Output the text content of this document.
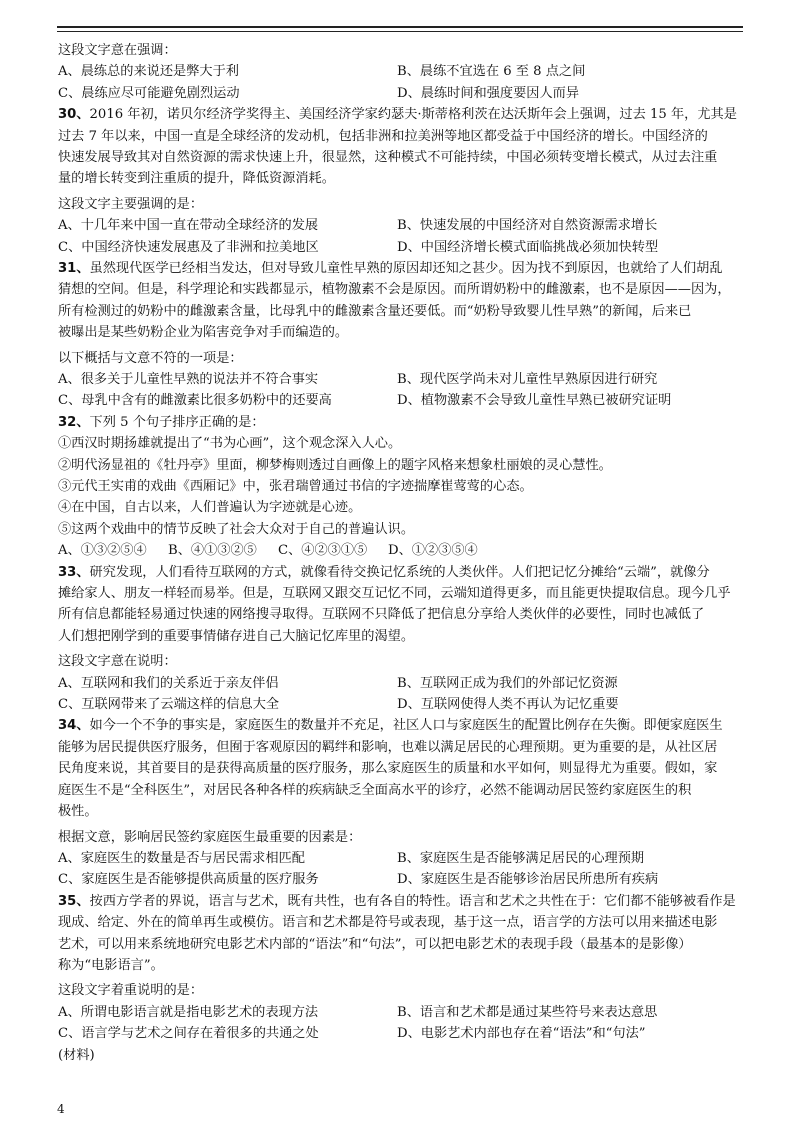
这段文字意在强调：
A、晨练总的来说还是弊大于利	B、晨练不宜选在 6 至 8 点之间
C、晨练应尽可能避免剧烈运动	D、晨练时间和强度要因人而异
30、2016 年初，诺贝尔经济学奖得主、美国经济学家约瑟夫·斯蒂格利茨在达沃斯年会上强调，过去 15 年，尤其是
过去 7 年以来，中国一直是全球经济的发动机，包括非洲和拉美洲等地区都受益于中国经济的增长。中国经济的
快速发展导致其对自然资源的需求快速上升，很显然，这种模式不可能持续，中国必须转变增长模式，从过去注重
量的增长转变到注重质的提升，降低资源消耗。
这段文字主要强调的是：
A、十几年来中国一直在带动全球经济的发展	B、快速发展的中国经济对自然资源需求增长
C、中国经济快速发展惠及了非洲和拉美地区	D、中国经济增长模式面临挑战必须加快转型
31、虽然现代医学已经相当发达，但对导致儿童性早熟的原因却还知之甚少。因为找不到原因，也就给了人们胡乱
猜想的空间。但是，科学理论和实践都显示，植物激素不会是原因。而所谓奶粉中的雌激素，也不是原因——因为，
所有检测过的奶粉中的雌激素含量，比母乳中的雌激素含量还要低。而“奶粉导致婴儿性早熟”的新闻，后来已
被曝出是某些奶粉企业为陷害竞争对手而编造的。
以下概括与文意不符的一项是：
A、很多关于儿童性早熟的说法并不符合事实	B、现代医学尚未对儿童性早熟原因进行研究
C、母乳中含有的雌激素比很多奶粉中的还要高	D、植物激素不会导致儿童性早熟已被研究证明
32、下列 5 个句子排序正确的是：
①西汉时期扬雄就提出了“书为心画”，这个观念深入人心。
②明代汤显祖的《牡丹亭》里面，柳梦梅则透过自画像上的题字风格来想象杜丽娘的灵心慧性。
③元代王实甫的戏曲《西厢记》中，张君瑞曾通过书信的字迹揣摩崔莺莺的心态。
④在中国，自古以来，人们普遍认为字迹就是心迹。
⑤这两个戏曲中的情节反映了社会大众对于自己的普遍认识。
A、①③②⑤④ B、④①③②⑤ C、④②③①⑤ D、①②③⑤④
33、研究发现，人们看待互联网的方式，就像看待交换记忆系统的人类伙伴。人们把记忆分摊给“云端”，就像分
摊给家人、朋友一样轻而易举。但是，互联网又跟交互记忆不同，云端知道得更多，而且能更快提取信息。现今几乎
所有信息都能轻易通过快速的网络搜寻取得。互联网不只降低了把信息分享给人类伙伴的必要性，同时也减低了
人们想把刚学到的重要事情储存进自己大脑记忆库里的渴望。
这段文字意在说明：
A、互联网和我们的关系近于亲友伴侣	B、互联网正成为我们的外部记忆资源
C、互联网带来了云端这样的信息大全	D、互联网使得人类不再认为记忆重要
34、如今一个不争的事实是，家庭医生的数量并不充足，社区人口与家庭医生的配置比例存在失衡。即便家庭医生
能够为居民提供医疗服务，但囿于客观原因的羁绊和影响，也难以满足居民的心理预期。更为重要的是，从社区居
民角度来说，其首要目的是获得高质量的医疗服务，那么家庭医生的质量和水平如何，则显得尤为重要。假如，家
庭医生不是“全科医生”，对居民各种各样的疾病缺乏全面高水平的诊疗，必然不能调动居民签约家庭医生的积
极性。
根据文意，影响居民签约家庭医生最重要的因素是：
A、家庭医生的数量是否与居民需求相匹配	B、家庭医生是否能够满足居民的心理预期
C、家庭医生是否能够提供高质量的医疗服务	D、家庭医生是否能够诊治居民所患所有疾病
35、按西方学者的界说，语言与艺术，既有共性，也有各自的特性。语言和艺术之共性在于：它们都不能够被看作是
现成、给定、外在的简单再生或模仿。语言和艺术都是符号或表现，基于这一点，语言学的方法可以用来描述电影
艺术，可以用来系统地研究电影艺术内部的“语法”和“句法”，可以把电影艺术的表现手段（最基本的是影像）
称为“电影语言”。
这段文字着重说明的是：
A、所谓电影语言就是指电影艺术的表现方法	B、语言和艺术都是通过某些符号来表达意思
C、语言学与艺术之间存在着很多的共通之处	D、电影艺术内部也存在着“语法”和“句法”
(材料)
4
